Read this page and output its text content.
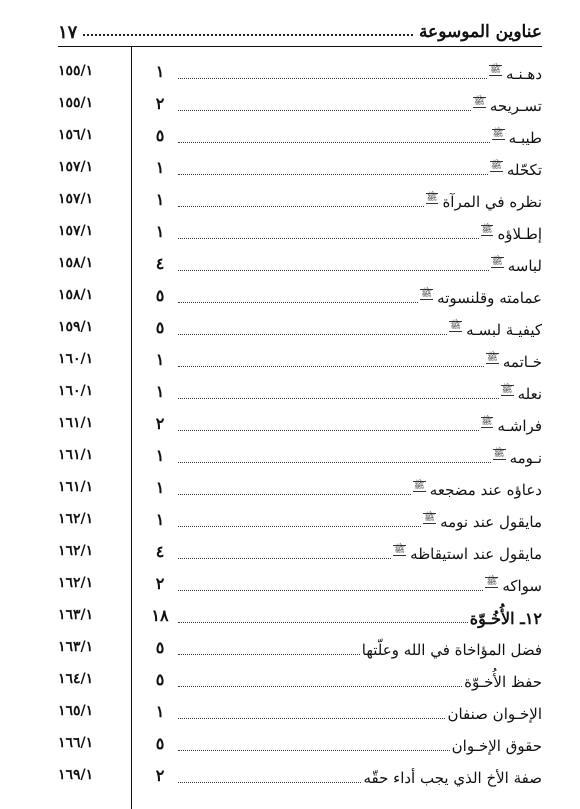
عناوين الموسوعة
١٧
١٥٥/١	١	دهـنـه
ﷺ
١٥٥/١	٢	تسـريحه
ﷺ
١٥٦/١	٥	طيبـه
ﷺ
١٥٧/١	١	تكحّله
ﷺ
١٥٧/١	١	نظره في المرآة
ﷺ
١٥٧/١	١	إطـلاؤه
ﷺ
١٥٨/١	٤	لباسه
ﷺ
١٥٨/١	٥	عمامته وقلنسوته
ﷺ
١٥٩/١	٥	كيفيـة لبسـه
ﷺ
١٦٠/١	١	خـاتمه
ﷺ
١٦٠/١	١	نعله
ﷺ
١٦١/١	٢	فراشـه
ﷺ
١٦١/١	١	نـومه
ﷺ
١٦١/١	١	دعاؤه عند مضجعه
ﷺ
١٦٢/١	١	مايقول عند نومه
ﷺ
١٦٢/١	٤	مايقول عند استيقاظه
ﷺ
١٦٢/١	٢	سواكه
ﷺ
١٦٣/١	١٨	١٢ـ الأُخُـوّة
١٦٣/١	٥	فضل المؤاخاة في الله وعلّتها
١٦٤/١	٥	حفظ الأُخـوّة
١٦٥/١	١	الإخـوان صنفان
١٦٦/١	٥	حقوق الإخـوان
١٦٩/١	٢	صفة الأخ الذي يجب أداء حقّه
